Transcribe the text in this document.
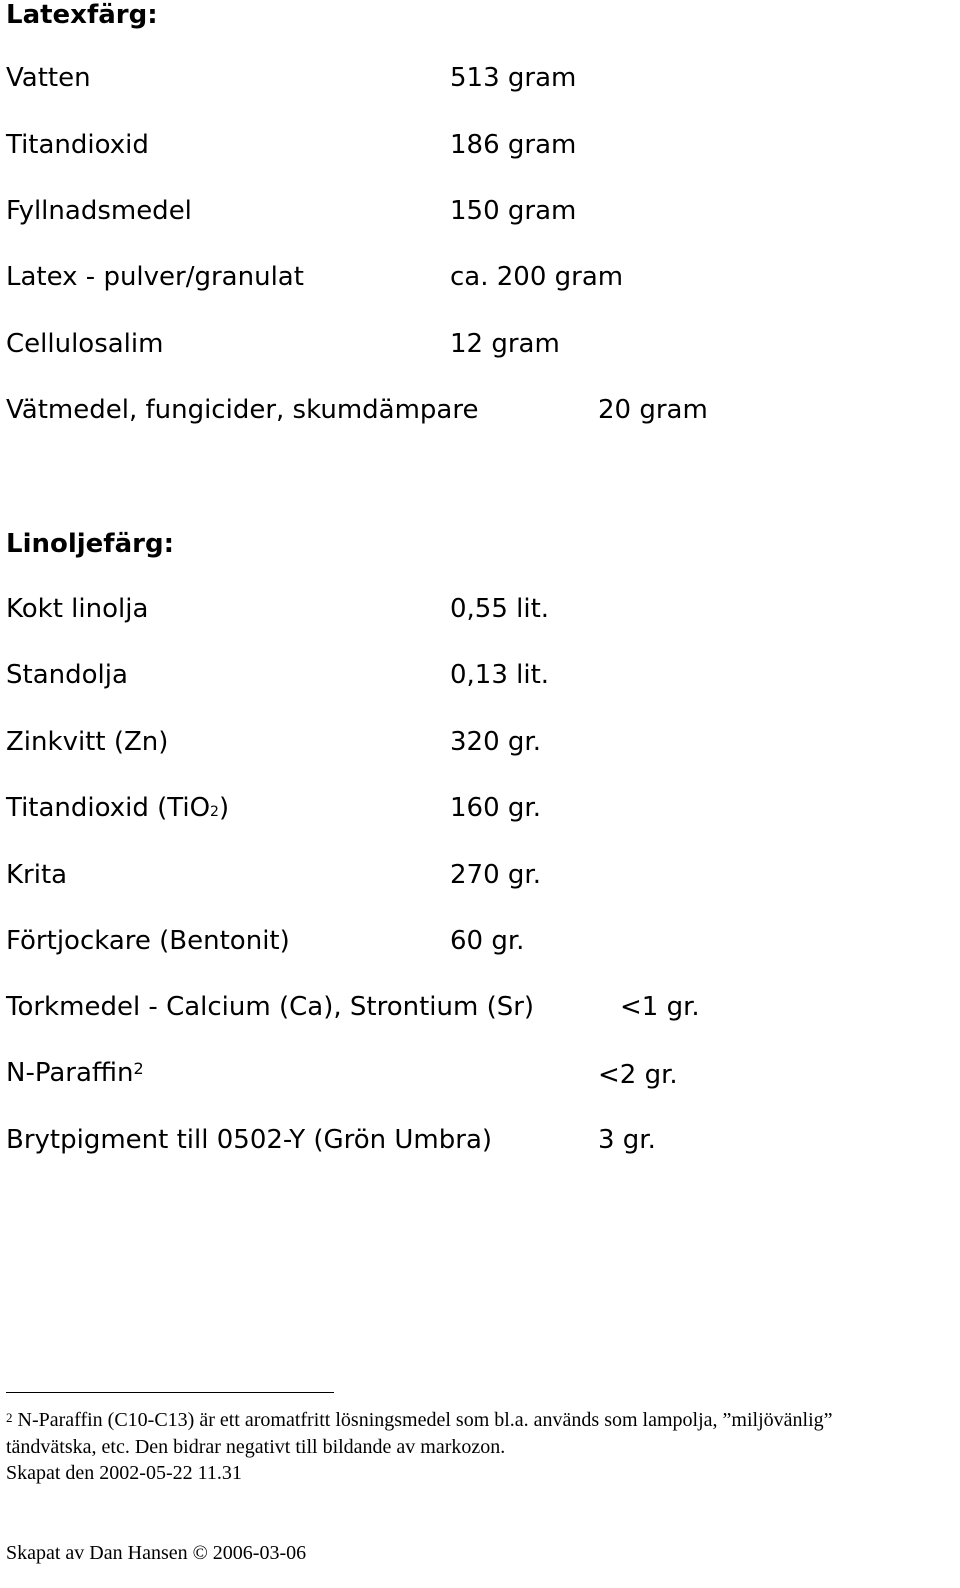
Latexfärg:
Vatten	513 gram
Titandioxid	186 gram
Fyllnadsmedel	150 gram
Latex - pulver/granulat	ca. 200 gram
Cellulosalim	12 gram
Vätmedel, fungicider, skumdämpare	20 gram
Linoljefärg:
Kokt linolja	0,55 lit.
Standolja	0,13 lit.
Zinkvitt (Zn)	320 gr.
Titandioxid (TiO2)	160 gr.
Krita	270 gr.
Förtjockare (Bentonit)	60 gr.
Torkmedel - Calcium (Ca), Strontium (Sr)	<1 gr.
N-Paraffin$^2$	<2 gr.
Brytpigment till 0502-Y (Grön Umbra)	3 gr.
$^2$ N-Paraffin (C10-C13) är ett aromatfritt lösningsmedel som bl.a. används som lampolja, ”miljövänlig”
tändvätska, etc. Den bidrar negativt till bildande av markozon.
Skapat den 2002-05-22 11.31
Skapat av Dan Hansen © 2006-03-06
